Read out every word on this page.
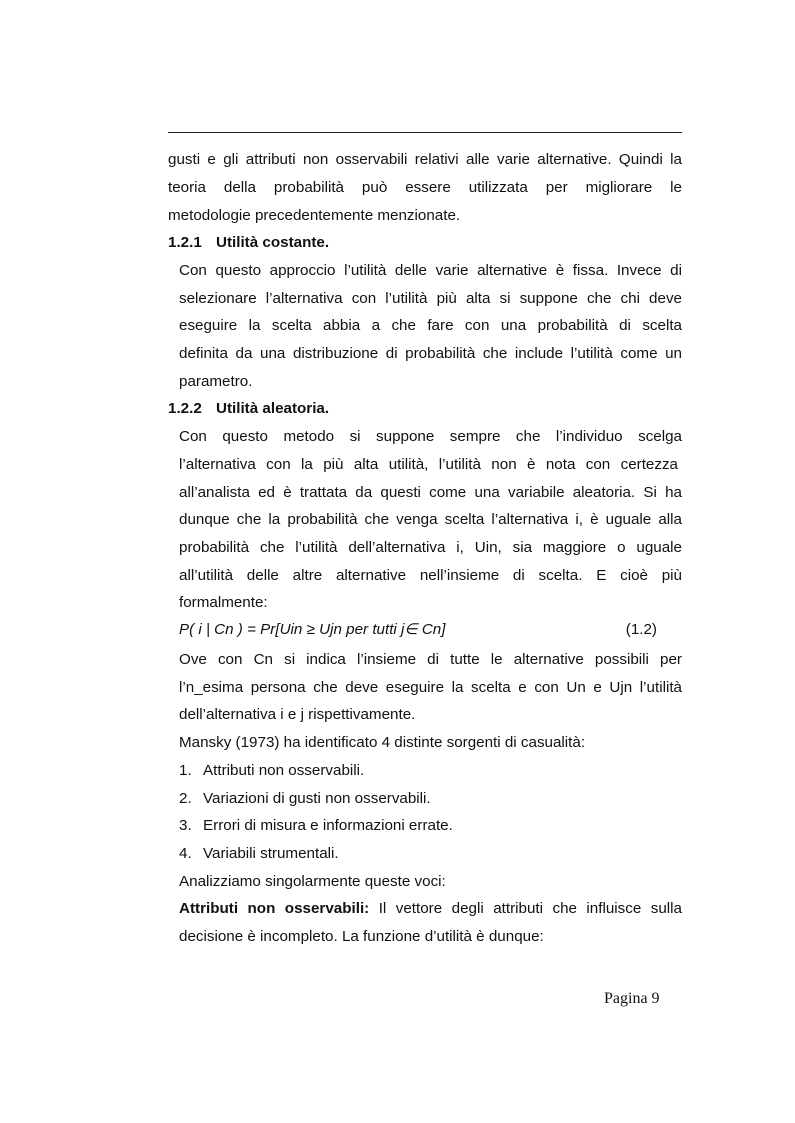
gusti e gli attributi non osservabili relativi alle varie alternative. Quindi la
teoria della probabilità può essere utilizzata per migliorare le
metodologie precedentemente menzionate.
1.2.1 Utilità costante.
Con questo approccio l’utilità delle varie alternative è fissa. Invece di
selezionare l’alternativa con l’utilità più alta si suppone che chi deve
eseguire la scelta abbia a che fare con una probabilità di scelta
definita da una distribuzione di probabilità che include l’utilità come un
parametro.
1.2.2 Utilità aleatoria.
Con questo metodo si suppone sempre che l’individuo scelga
l’alternativa con la più alta utilità, l’utilità non è nota con certezza
all’analista ed è trattata da questi come una variabile aleatoria. Si ha
dunque che la probabilità che venga scelta l’alternativa i, è uguale alla
probabilità che l’utilità dell’alternativa i, Uin, sia maggiore o uguale
all’utilità delle altre alternative nell’insieme di scelta. E cioè più
formalmente:
P( i | Cn ) = Pr[Uin ≥ Ujn per tutti j∈ Cn]	(1.2)
Ove con Cn si indica l’insieme di tutte le alternative possibili per
l’n_esima persona che deve eseguire la scelta e con Un e Ujn l’utilità
dell’alternativa i e j rispettivamente.
Mansky (1973) ha identificato 4 distinte sorgenti di casualità:
1. Attributi non osservabili.
2. Variazioni di gusti non osservabili.
3. Errori di misura e informazioni errate.
4. Variabili strumentali.
Analizziamo singolarmente queste voci:
Attributi non osservabili: Il vettore degli attributi che influisce sulla
decisione è incompleto. La funzione d’utilità è dunque:
Pagina 9
